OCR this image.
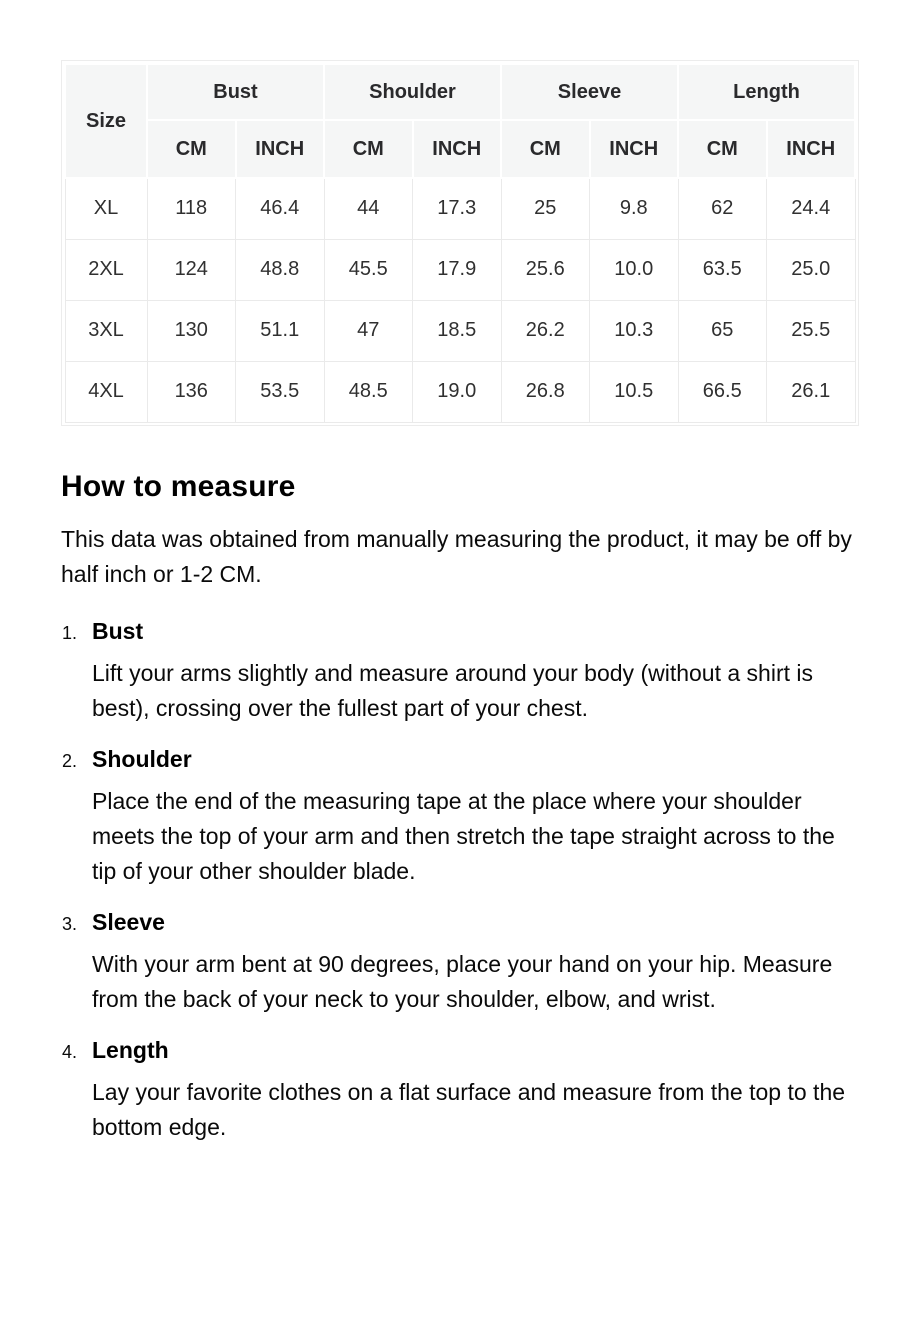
Size	Bust		Shoulder		Sleeve		Length	
	CM	INCH	CM	INCH	CM	INCH	CM	INCH
XL	118	46.4	44	17.3	25	9.8	62	24.4
2XL	124	48.8	45.5	17.9	25.6	10.0	63.5	25.0
3XL	130	51.1	47	18.5	26.2	10.3	65	25.5
4XL	136	53.5	48.5	19.0	26.8	10.5	66.5	26.1
How to measure

This data was obtained from manually measuring the product, it may be off by half inch or 1-2 CM.

1. Bust

Lift your arms slightly and measure around your body (without a shirt is best), crossing over the fullest part of your chest.

2. Shoulder

Place the end of the measuring tape at the place where your shoulder meets the top of your arm and then stretch the tape straight across to the tip of your other shoulder blade.

3. Sleeve

With your arm bent at 90 degrees, place your hand on your hip. Measure from the back of your neck to your shoulder, elbow, and wrist.

4. Length

Lay your favorite clothes on a flat surface and measure from the top to the bottom edge.
